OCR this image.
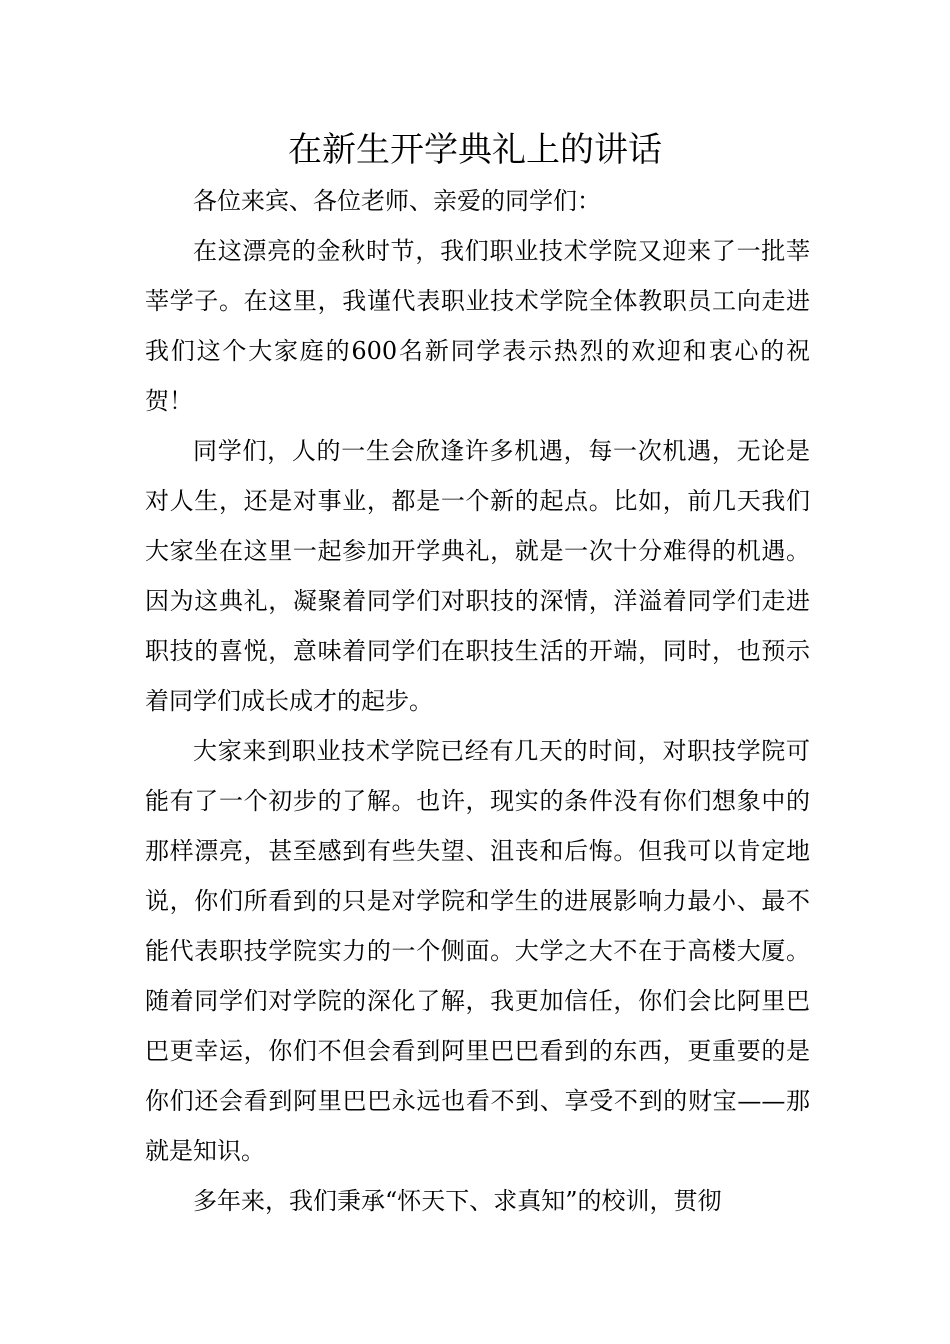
在新生开学典礼上的讲话

各位来宾、各位老师、亲爱的同学们：

在这漂亮的金秋时节，我们职业技术学院又迎来了一批莘莘学子。在这里，我谨代表职业技术学院全体教职员工向走进我们这个大家庭的600名新同学表示热烈的欢迎和衷心的祝贺！

同学们，人的一生会欣逢许多机遇，每一次机遇，无论是对人生，还是对事业，都是一个新的起点。比如，前几天我们大家坐在这里一起参加开学典礼，就是一次十分难得的机遇。因为这典礼，凝聚着同学们对职技的深情，洋溢着同学们走进职技的喜悦，意味着同学们在职技生活的开端，同时，也预示着同学们成长成才的起步。

大家来到职业技术学院已经有几天的时间，对职技学院可能有了一个初步的了解。也许，现实的条件没有你们想象中的那样漂亮，甚至感到有些失望、沮丧和后悔。但我可以肯定地说，你们所看到的只是对学院和学生的进展影响力最小、最不能代表职技学院实力的一个侧面。大学之大不在于高楼大厦。随着同学们对学院的深化了解，我更加信任，你们会比阿里巴巴更幸运，你们不但会看到阿里巴巴看到的东西，更重要的是你们还会看到阿里巴巴永远也看不到、享受不到的财宝——那就是知识。

多年来，我们秉承“怀天下、求真知”的校训，贯彻
